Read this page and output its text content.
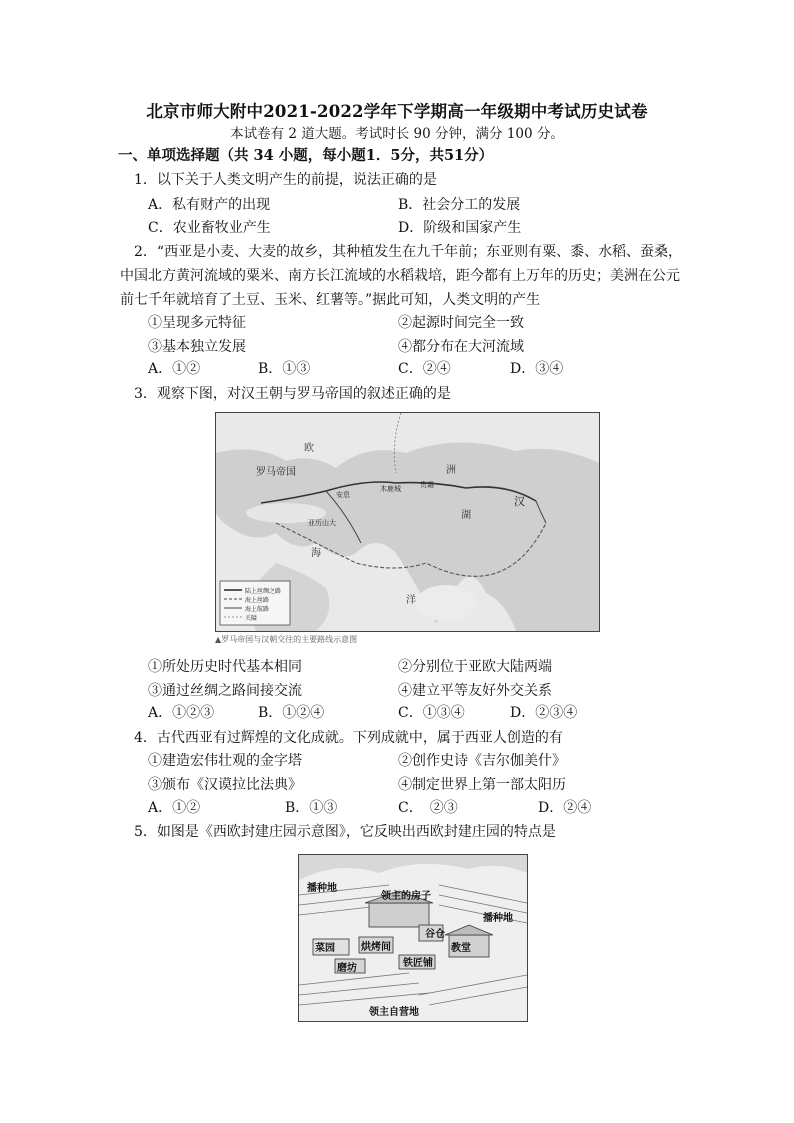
北京市师大附中2021-2022学年下学期高一年级期中考试历史试卷
本试卷有 2 道大题。考试时长 90 分钟，满分 100 分。
一、单项选择题（共 34 小题，每小题1．5分，共51分）
1．以下关于人类文明产生的前提，说法正确的是
A．私有财产的出现	B．社会分工的发展
C．农业畜牧业产生	D．阶级和国家产生
2．“西亚是小麦、大麦的故乡，其种植发生在九千年前；东亚则有粟、黍、水稻、蚕桑，
中国北方黄河流域的粟米、南方长江流域的水稻栽培，距今都有上万年的历史；美洲在公元
前七千年就培育了土豆、玉米、红薯等。”据此可知，人类文明的产生
①呈现多元特征	②起源时间完全一致
③基本独立发展	④都分布在大河流域
A．①②	B．①③	C．②④	D．③④
3．观察下图，对汉王朝与罗马帝国的叙述正确的是
陆上丝绸之路
海上丝路
海上航路
关隘
罗马帝国
汉
欧
洲
安息
亚历山大
木鹿城	贵霜
湖
海
洋
▲罗马帝国与汉朝交往的主要路线示意图
①所处历史时代基本相同	②分别位于亚欧大陆两端
③通过丝绸之路间接交流	④建立平等友好外交关系
A．①②③	B．①②④	C．①③④	D．②③④
4．古代西亚有过辉煌的文化成就。下列成就中，属于西亚人创造的有
①建造宏伟壮观的金字塔	②创作史诗《吉尔伽美什》
③颁布《汉谟拉比法典》	④制定世界上第一部太阳历
A．①②	B．①③	C．　②③	D．②④
5．如图是《西欧封建庄园示意图》，它反映出西欧封建庄园的特点是
播种地
领主的房子
播种地
谷仓
烘烤间	教堂
菜园
铁匠铺
磨坊
领主自营地
